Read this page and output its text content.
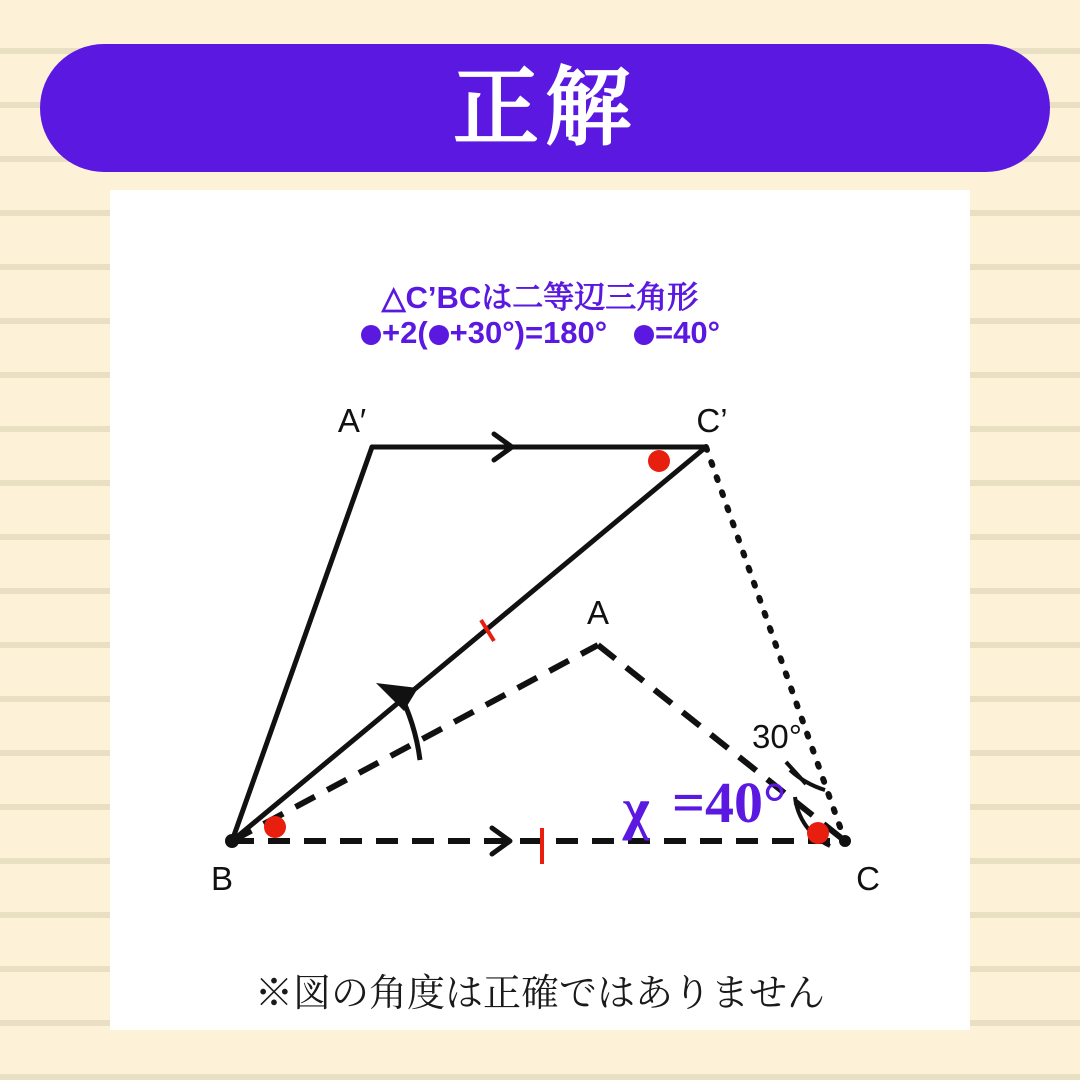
正解
△C’BCは二等辺三角形
+2( +30°)=180° =40°
A′	C’
A
B	C
30°
χ =40°
※図の角度は正確ではありません
